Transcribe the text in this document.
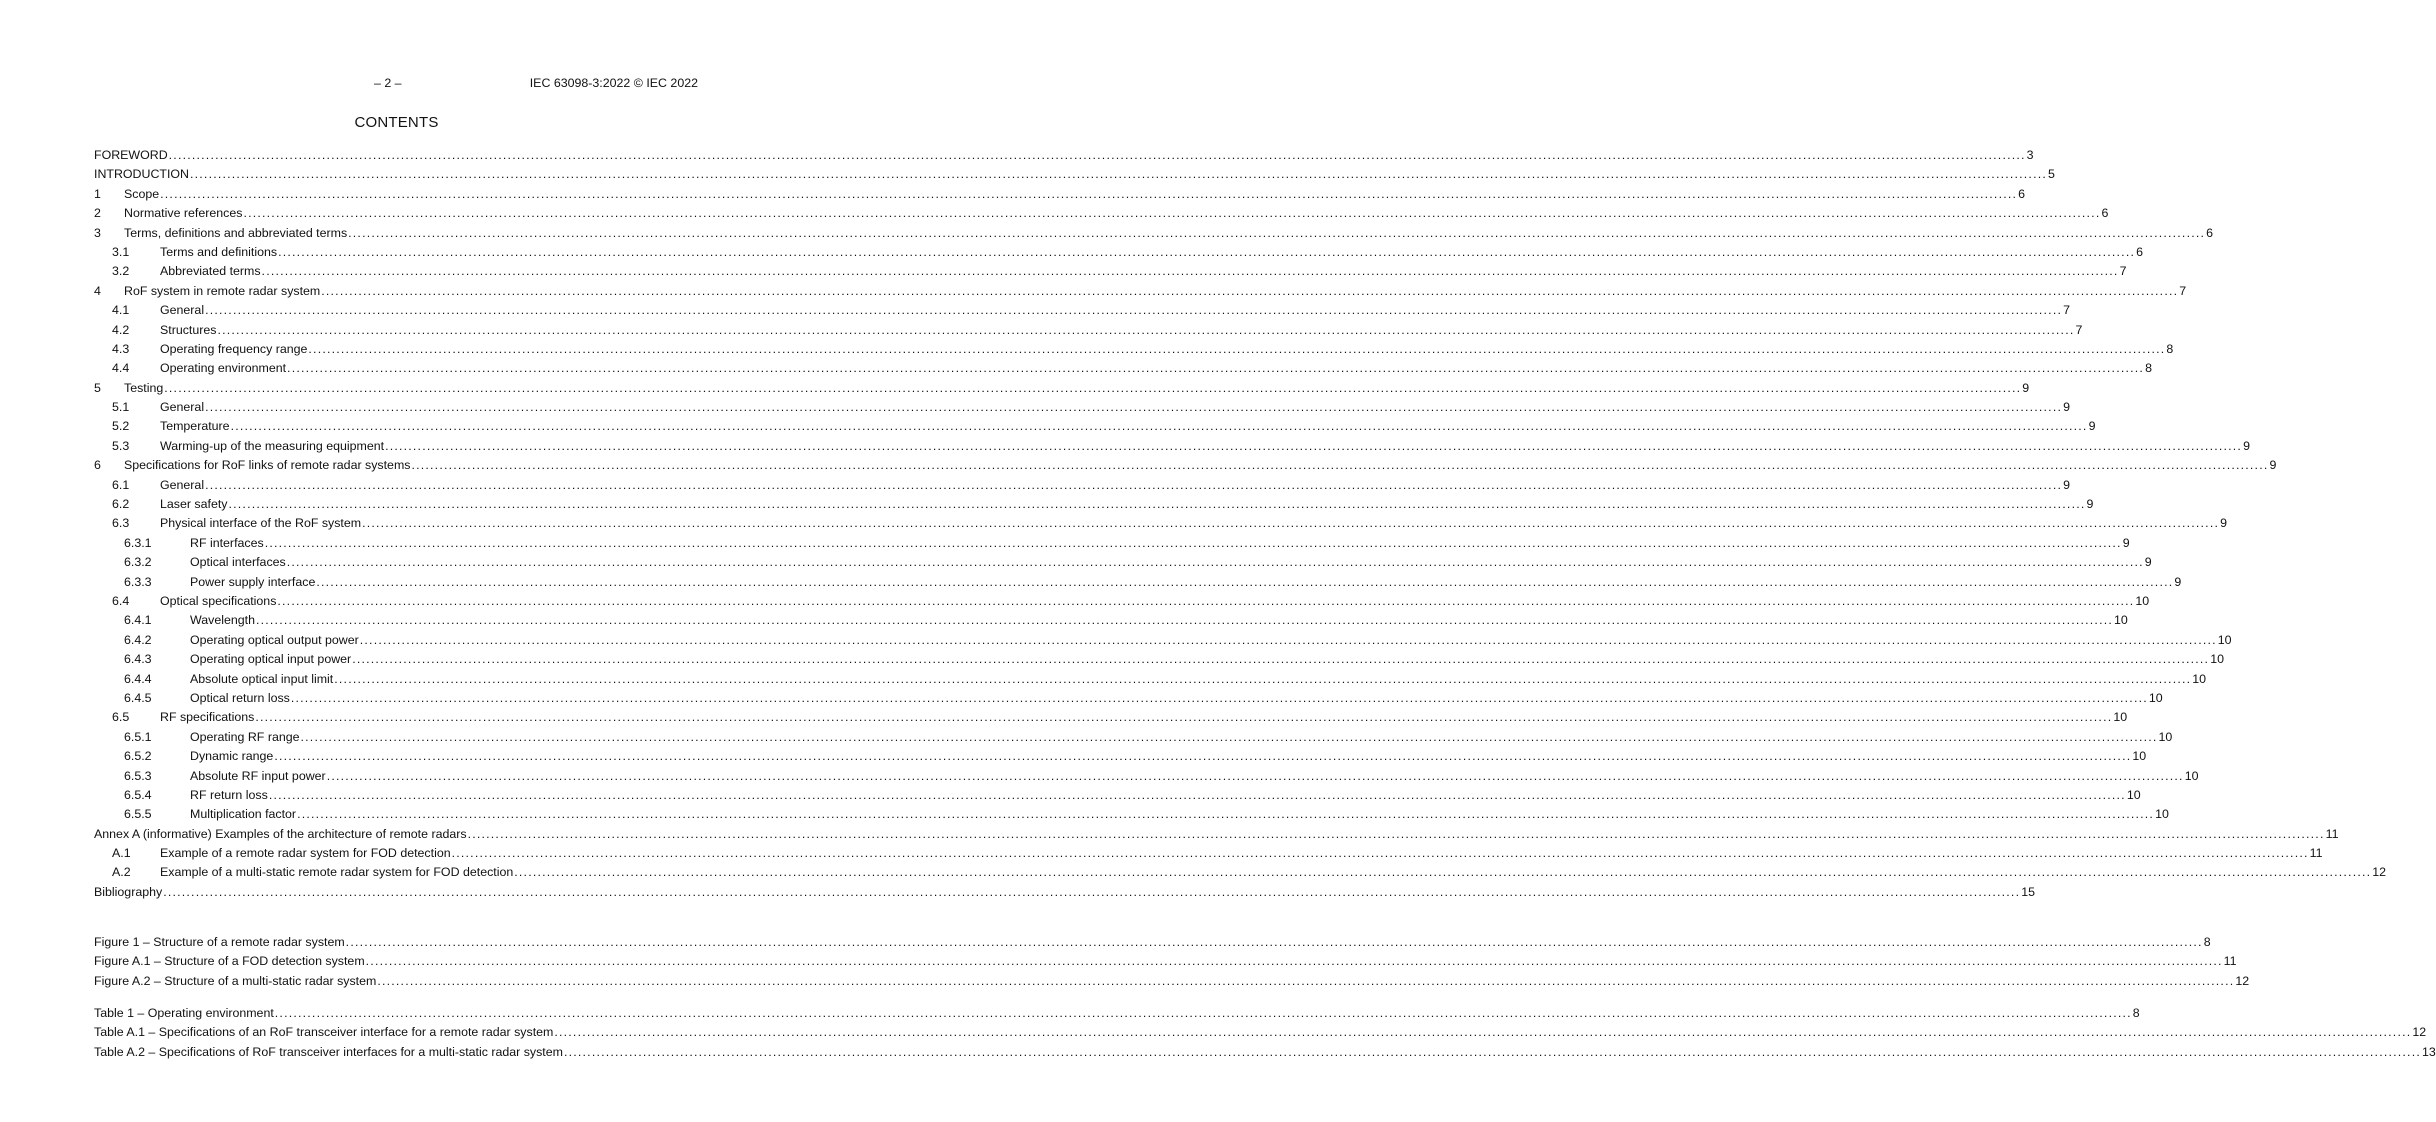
– 2 –	IEC 63098-3:2022 © IEC 2022
CONTENTS
FOREWORD ................................................................................................................................................................................................................................................................................................................................................................................................................ 3
INTRODUCTION ................................................................................................................................................................................................................................................................................................................................................................................................................ 5
1 Scope ................................................................................................................................................................................................................................................................................................................................................................................................................ 6
2 Normative references ................................................................................................................................................................................................................................................................................................................................................................................................................ 6
3 Terms, definitions and abbreviated terms ................................................................................................................................................................................................................................................................................................................................................................................................................ 6
3.1 Terms and definitions ................................................................................................................................................................................................................................................................................................................................................................................................................ 6
3.2 Abbreviated terms ................................................................................................................................................................................................................................................................................................................................................................................................................ 7
4 RoF system in remote radar system ................................................................................................................................................................................................................................................................................................................................................................................................................ 7
4.1 General ................................................................................................................................................................................................................................................................................................................................................................................................................ 7
4.2 Structures ................................................................................................................................................................................................................................................................................................................................................................................................................ 7
4.3 Operating frequency range ................................................................................................................................................................................................................................................................................................................................................................................................................ 8
4.4 Operating environment ................................................................................................................................................................................................................................................................................................................................................................................................................ 8
5 Testing ................................................................................................................................................................................................................................................................................................................................................................................................................ 9
5.1 General ................................................................................................................................................................................................................................................................................................................................................................................................................ 9
5.2 Temperature ................................................................................................................................................................................................................................................................................................................................................................................................................ 9
5.3 Warming-up of the measuring equipment ................................................................................................................................................................................................................................................................................................................................................................................................................ 9
6 Specifications for RoF links of remote radar systems ................................................................................................................................................................................................................................................................................................................................................................................................................ 9
6.1 General ................................................................................................................................................................................................................................................................................................................................................................................................................ 9
6.2 Laser safety ................................................................................................................................................................................................................................................................................................................................................................................................................ 9
6.3 Physical interface of the RoF system ................................................................................................................................................................................................................................................................................................................................................................................................................ 9
6.3.1	RF interfaces ................................................................................................................................................................................................................................................................................................................................................................................................................ 9
6.3.2	Optical interfaces ................................................................................................................................................................................................................................................................................................................................................................................................................ 9
6.3.3	Power supply interface ................................................................................................................................................................................................................................................................................................................................................................................................................ 9
6.4 Optical specifications ................................................................................................................................................................................................................................................................................................................................................................................................................ 10
6.4.1	Wavelength ................................................................................................................................................................................................................................................................................................................................................................................................................ 10
6.4.2	Operating optical output power ................................................................................................................................................................................................................................................................................................................................................................................................................ 10
6.4.3	Operating optical input power ................................................................................................................................................................................................................................................................................................................................................................................................................ 10
6.4.4	Absolute optical input limit ................................................................................................................................................................................................................................................................................................................................................................................................................ 10
6.4.5	Optical return loss ................................................................................................................................................................................................................................................................................................................................................................................................................ 10
6.5 RF specifications ................................................................................................................................................................................................................................................................................................................................................................................................................ 10
6.5.1	Operating RF range ................................................................................................................................................................................................................................................................................................................................................................................................................ 10
6.5.2	Dynamic range ................................................................................................................................................................................................................................................................................................................................................................................................................ 10
6.5.3	Absolute RF input power ................................................................................................................................................................................................................................................................................................................................................................................................................ 10
6.5.4	RF return loss ................................................................................................................................................................................................................................................................................................................................................................................................................ 10
6.5.5	Multiplication factor ................................................................................................................................................................................................................................................................................................................................................................................................................ 10
Annex A (informative) Examples of the architecture of remote radars ................................................................................................................................................................................................................................................................................................................................................................................................................ 11
A.1 Example of a remote radar system for FOD detection ................................................................................................................................................................................................................................................................................................................................................................................................................ 11
A.2 Example of a multi-static remote radar system for FOD detection ................................................................................................................................................................................................................................................................................................................................................................................................................ 12
Bibliography ................................................................................................................................................................................................................................................................................................................................................................................................................ 15
Figure 1 – Structure of a remote radar system ................................................................................................................................................................................................................................................................................................................................................................................................................ 8
Figure A.1 – Structure of a FOD detection system ................................................................................................................................................................................................................................................................................................................................................................................................................ 11
Figure A.2 – Structure of a multi-static radar system ................................................................................................................................................................................................................................................................................................................................................................................................................ 12
Table 1 – Operating environment ................................................................................................................................................................................................................................................................................................................................................................................................................ 8
Table A.1 – Specifications of an RoF transceiver interface for a remote radar system ................................................................................................................................................................................................................................................................................................................................................................................................................ 12
Table A.2 – Specifications of RoF transceiver interfaces for a multi-static radar system ................................................................................................................................................................................................................................................................................................................................................................................................................ 13
